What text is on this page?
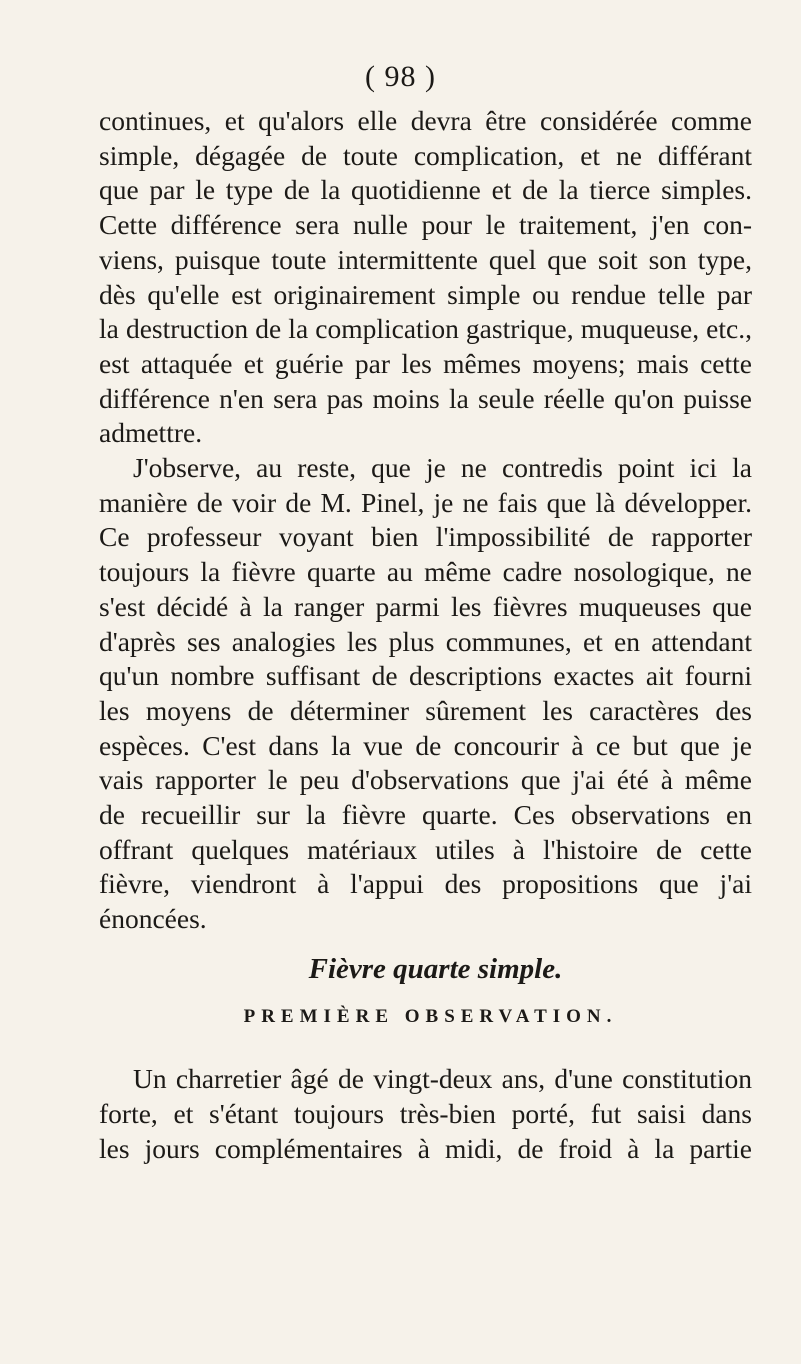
( 98 )
continues, et qu'alors elle devra être considérée comme
simple, dégagée de toute complication, et ne différant
que par le type de la quotidienne et de la tierce simples.
Cette différence sera nulle pour le traitement, j'en con-
viens, puisque toute intermittente quel que soit son type,
dès qu'elle est originairement simple ou rendue telle par
la destruction de la complication gastrique, muqueuse, etc.,
est attaquée et guérie par les mêmes moyens; mais cette
différence n'en sera pas moins la seule réelle qu'on puisse
admettre.
J'observe, au reste, que je ne contredis point ici la
manière de voir de M. Pinel, je ne fais que là développer.
Ce professeur voyant bien l'impossibilité de rapporter
toujours la fièvre quarte au même cadre nosologique, ne
s'est décidé à la ranger parmi les fièvres muqueuses que
d'après ses analogies les plus communes, et en attendant
qu'un nombre suffisant de descriptions exactes ait fourni
les moyens de déterminer sûrement les caractères des
espèces. C'est dans la vue de concourir à ce but que je
vais rapporter le peu d'observations que j'ai été à même
de recueillir sur la fièvre quarte. Ces observations en
offrant quelques matériaux utiles à l'histoire de cette
fièvre, viendront à l'appui des propositions que j'ai
énoncées.
Fièvre quarte simple.
PREMIÈRE OBSERVATION.
Un charretier âgé de vingt-deux ans, d'une constitution
forte, et s'étant toujours très-bien porté, fut saisi dans
les jours complémentaires à midi, de froid à la partie
